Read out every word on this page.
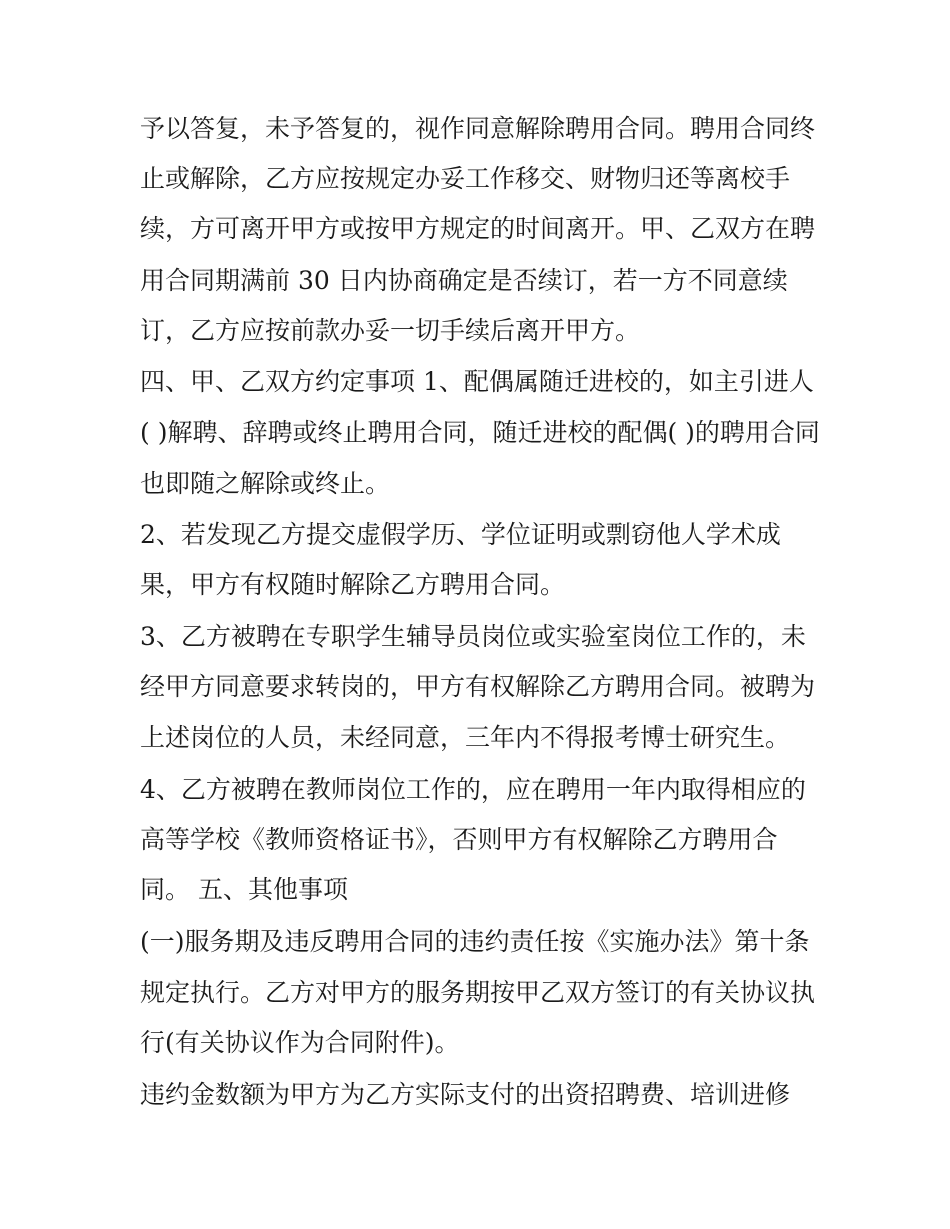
予以答复，未予答复的，视作同意解除聘用合同。聘用合同终
止或解除，乙方应按规定办妥工作移交、财物归还等离校手
续，方可离开甲方或按甲方规定的时间离开。甲、乙双方在聘
用合同期满前 30 日内协商确定是否续订，若一方不同意续
订，乙方应按前款办妥一切手续后离开甲方。
四、甲、乙双方约定事项 1、配偶属随迁进校的，如主引进人
( )解聘、辞聘或终止聘用合同，随迁进校的配偶( )的聘用合同
也即随之解除或终止。
2、若发现乙方提交虚假学历、学位证明或剽窃他人学术成
果，甲方有权随时解除乙方聘用合同。
3、乙方被聘在专职学生辅导员岗位或实验室岗位工作的，未
经甲方同意要求转岗的，甲方有权解除乙方聘用合同。被聘为
上述岗位的人员，未经同意，三年内不得报考博士研究生。
4、乙方被聘在教师岗位工作的，应在聘用一年内取得相应的
高等学校《教师资格证书》，否则甲方有权解除乙方聘用合
同。 五、其他事项
(一)服务期及违反聘用合同的违约责任按《实施办法》第十条
规定执行。乙方对甲方的服务期按甲乙双方签订的有关协议执
行(有关协议作为合同附件)。
违约金数额为甲方为乙方实际支付的出资招聘费、培训进修
